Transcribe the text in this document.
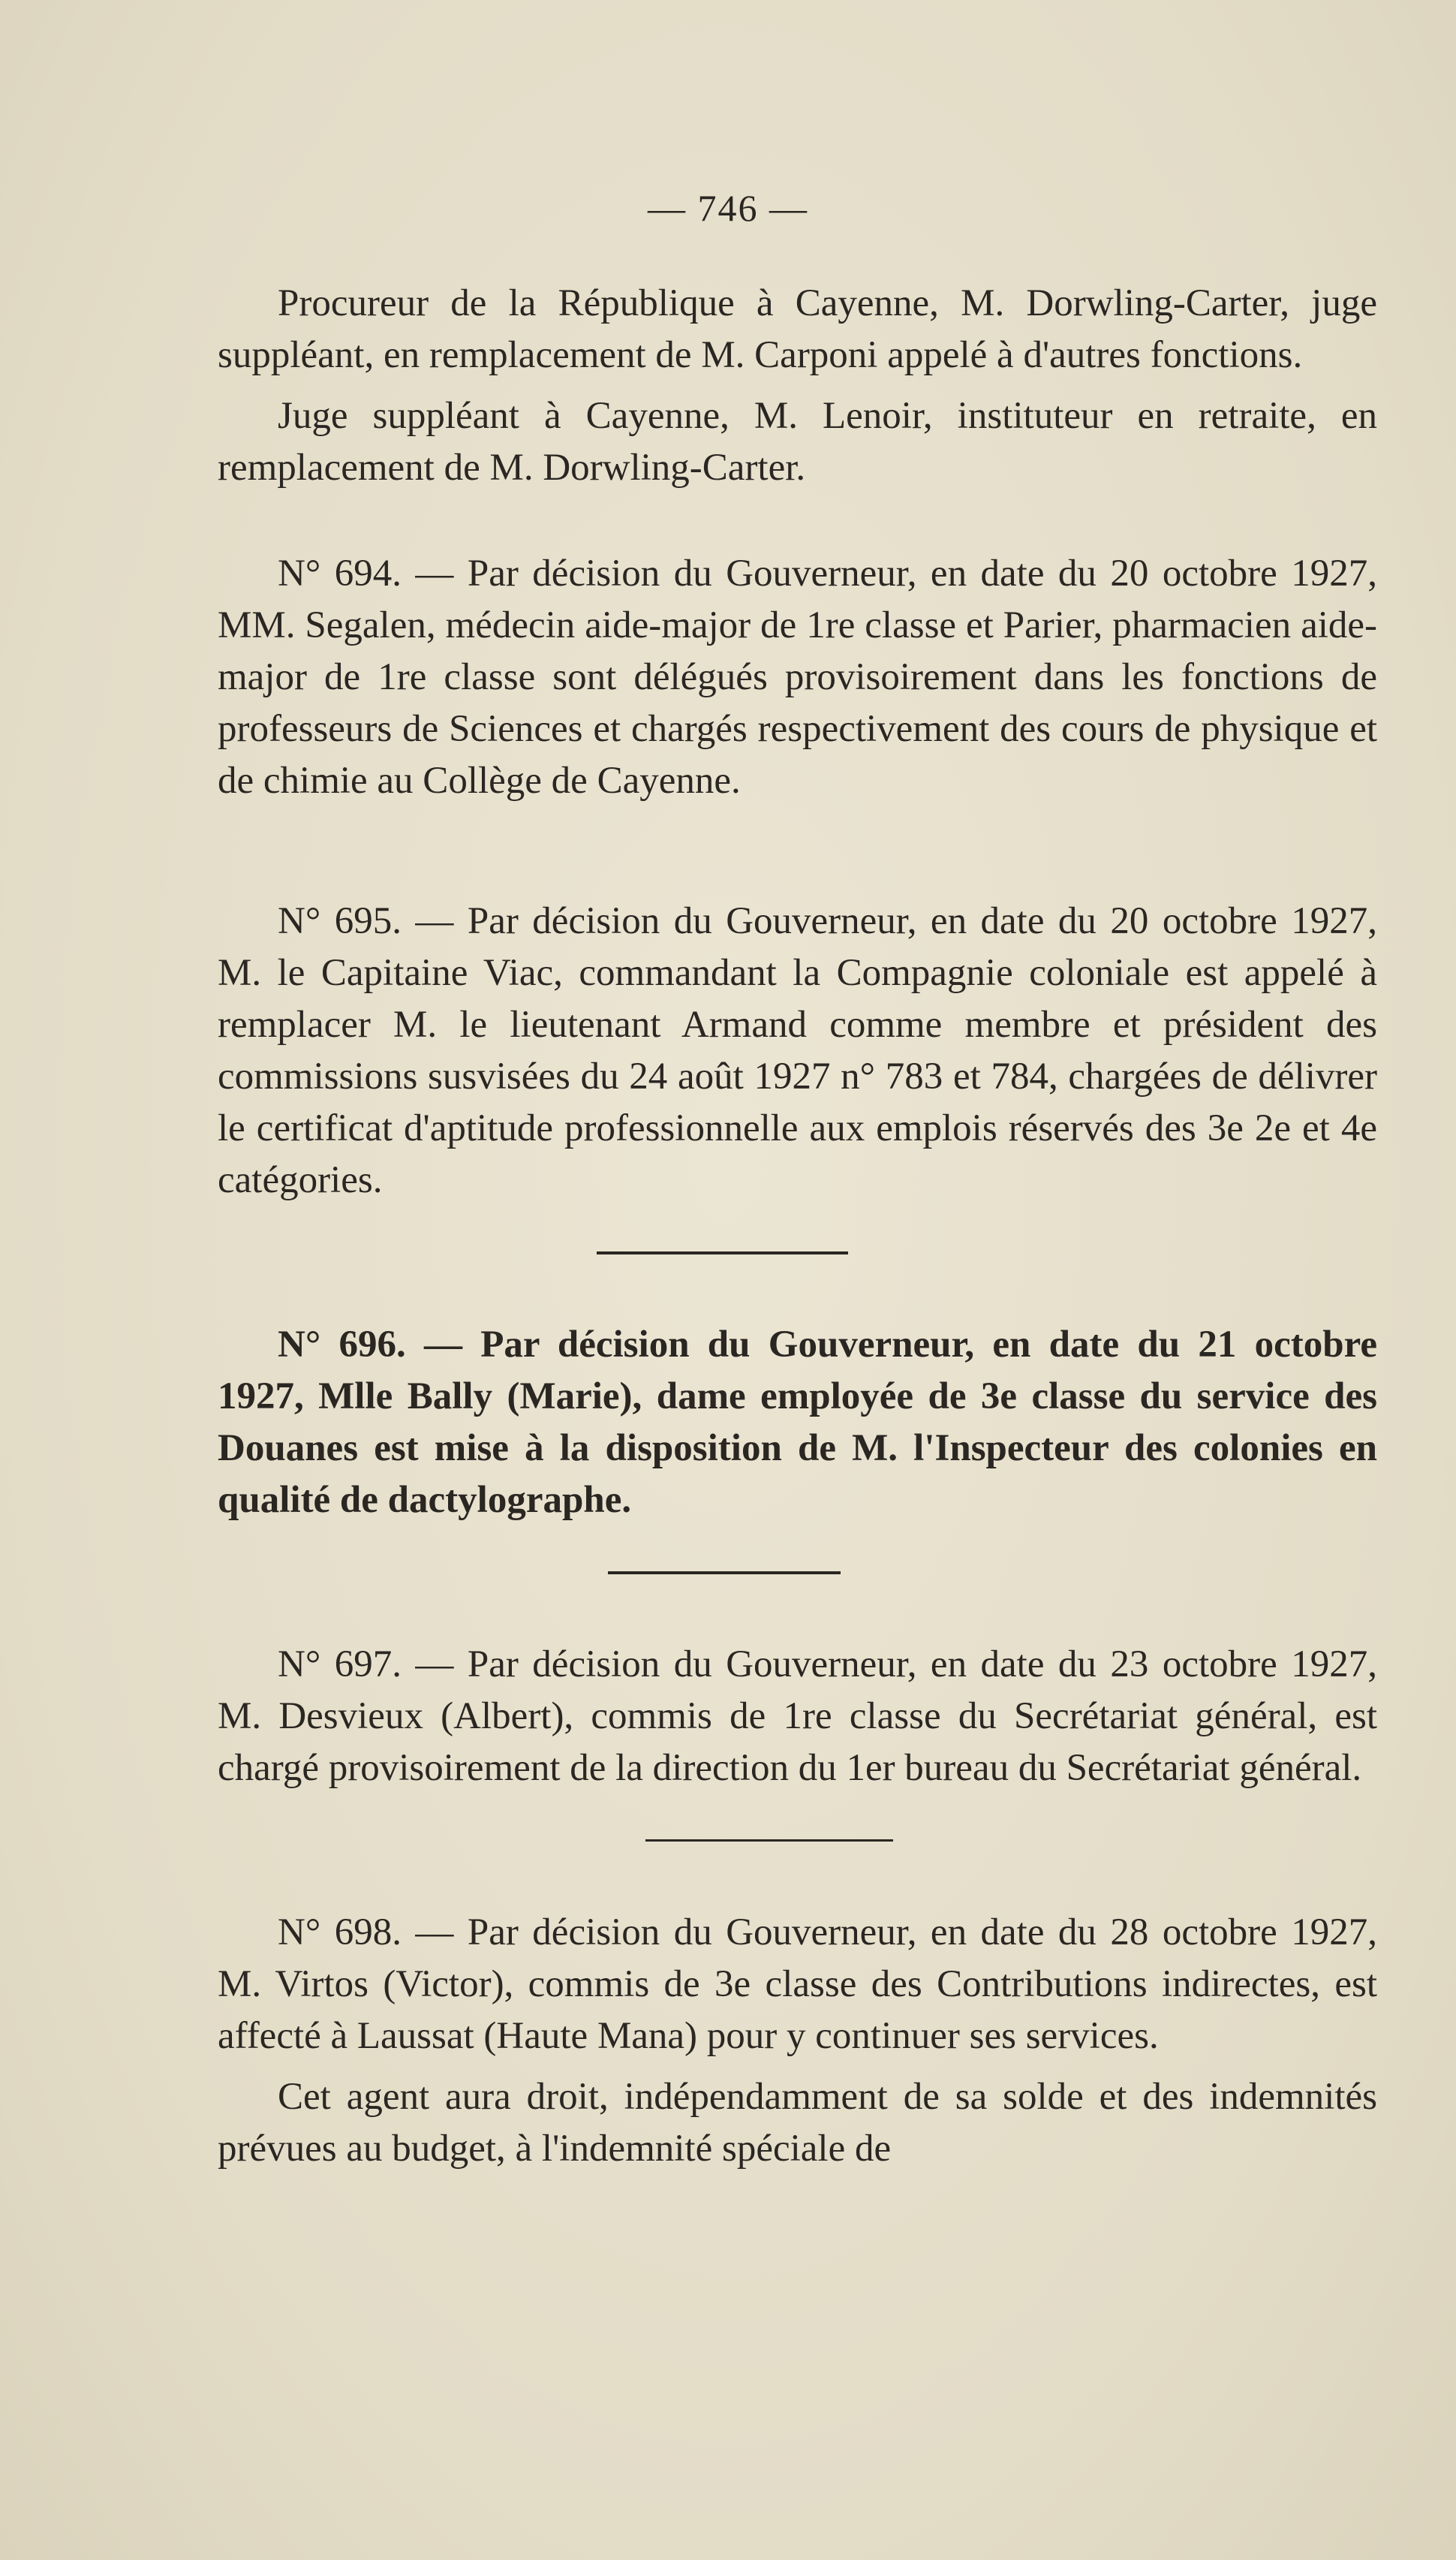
— 746 —

Procureur de la République à Cayenne, M. Dorwling-Carter, juge suppléant, en remplacement de M. Carponi appelé à d'autres fonctions.

Juge suppléant à Cayenne, M. Lenoir, instituteur en retraite, en remplacement de M. Dorwling-Carter.

N° 694. — Par décision du Gouverneur, en date du 20 octobre 1927, MM. Segalen, médecin aide-major de 1re classe et Parier, pharmacien aide-major de 1re classe sont délégués provisoirement dans les fonctions de professeurs de Sciences et chargés respectivement des cours de physique et de chimie au Collège de Cayenne.

N° 695. — Par décision du Gouverneur, en date du 20 octobre 1927, M. le Capitaine Viac, commandant la Compagnie coloniale est appelé à remplacer M. le lieutenant Armand comme membre et président des commissions susvisées du 24 août 1927 n° 783 et 784, chargées de délivrer le certificat d'aptitude professionnelle aux emplois réservés des 3e 2e et 4e catégories.

N° 696. — Par décision du Gouverneur, en date du 21 octobre 1927, Mlle Bally (Marie), dame employée de 3e classe du service des Douanes est mise à la disposition de M. l'Inspecteur des colonies en qualité de dactylographe.

N° 697. — Par décision du Gouverneur, en date du 23 octobre 1927, M. Desvieux (Albert), commis de 1re classe du Secrétariat général, est chargé provisoirement de la direction du 1er bureau du Secrétariat général.

N° 698. — Par décision du Gouverneur, en date du 28 octobre 1927, M. Virtos (Victor), commis de 3e classe des Contributions indirectes, est affecté à Laussat (Haute Mana) pour y continuer ses services.

Cet agent aura droit, indépendamment de sa solde et des indemnités prévues au budget, à l'indemnité spéciale de
